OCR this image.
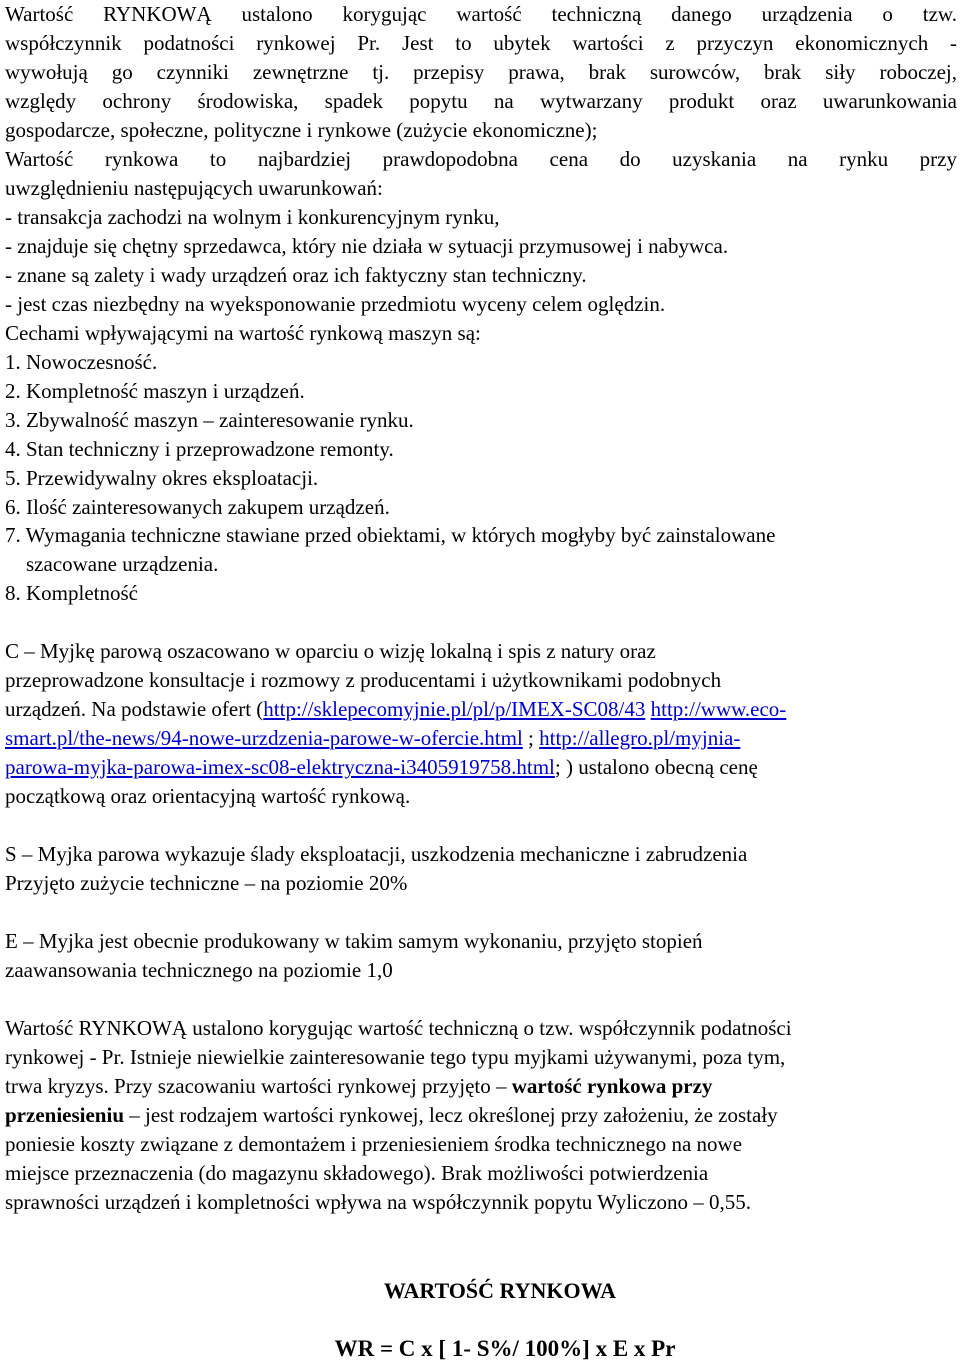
Wartość RYNKOWĄ ustalono korygując wartość techniczną danego urządzenia o tzw.
współczynnik podatności rynkowej Pr. Jest to ubytek wartości z przyczyn ekonomicznych -
wywołują go czynniki zewnętrzne tj. przepisy prawa, brak surowców, brak siły roboczej,
względy ochrony środowiska, spadek popytu na wytwarzany produkt oraz uwarunkowania
gospodarcze, społeczne, polityczne i rynkowe (zużycie ekonomiczne);
Wartość rynkowa to najbardziej prawdopodobna cena do uzyskania na rynku przy
uwzględnieniu następujących uwarunkowań:
- transakcja zachodzi na wolnym i konkurencyjnym rynku,
- znajduje się chętny sprzedawca, który nie działa w sytuacji przymusowej i nabywca.
- znane są zalety i wady urządzeń oraz ich faktyczny stan techniczny.
- jest czas niezbędny na wyeksponowanie przedmiotu wyceny celem oględzin.
Cechami wpływającymi na wartość rynkową maszyn są:
1. Nowoczesność.
2. Kompletność maszyn i urządzeń.
3. Zbywalność maszyn – zainteresowanie rynku.
4. Stan techniczny i przeprowadzone remonty.
5. Przewidywalny okres eksploatacji.
6. Ilość zainteresowanych zakupem urządzeń.
7. Wymagania techniczne stawiane przed obiektami, w których mogłyby być zainstalowane
szacowane urządzenia.
8. Kompletność
C – Myjkę parową oszacowano w oparciu o wizję lokalną i spis z natury oraz
przeprowadzone konsultacje i rozmowy z producentami i użytkownikami podobnych
urządzeń. Na podstawie ofert (http://sklepecomyjnie.pl/pl/p/IMEX-SC08/43 http://www.eco-
smart.pl/the-news/94-nowe-urzdzenia-parowe-w-ofercie.html ; http://allegro.pl/myjnia-
parowa-myjka-parowa-imex-sc08-elektryczna-i3405919758.html; ) ustalono obecną cenę
początkową oraz orientacyjną wartość rynkową.
S – Myjka parowa wykazuje ślady eksploatacji, uszkodzenia mechaniczne i zabrudzenia
Przyjęto zużycie techniczne – na poziomie 20%
E – Myjka jest obecnie produkowany w takim samym wykonaniu, przyjęto stopień
zaawansowania technicznego na poziomie 1,0
Wartość RYNKOWĄ ustalono korygując wartość techniczną o tzw. współczynnik podatności
rynkowej - Pr. Istnieje niewielkie zainteresowanie tego typu myjkami używanymi, poza tym,
trwa kryzys. Przy szacowaniu wartości rynkowej przyjęto – wartość rynkowa przy
przeniesieniu – jest rodzajem wartości rynkowej, lecz określonej przy założeniu, że zostały
poniesie koszty związane z demontażem i przeniesieniem środka technicznego na nowe
miejsce przeznaczenia (do magazynu składowego). Brak możliwości potwierdzenia
sprawności urządzeń i kompletności wpływa na współczynnik popytu Wyliczono – 0,55.
WARTOŚĆ RYNKOWA
WR = C x [ 1- S%/ 100%] x E x Pr
